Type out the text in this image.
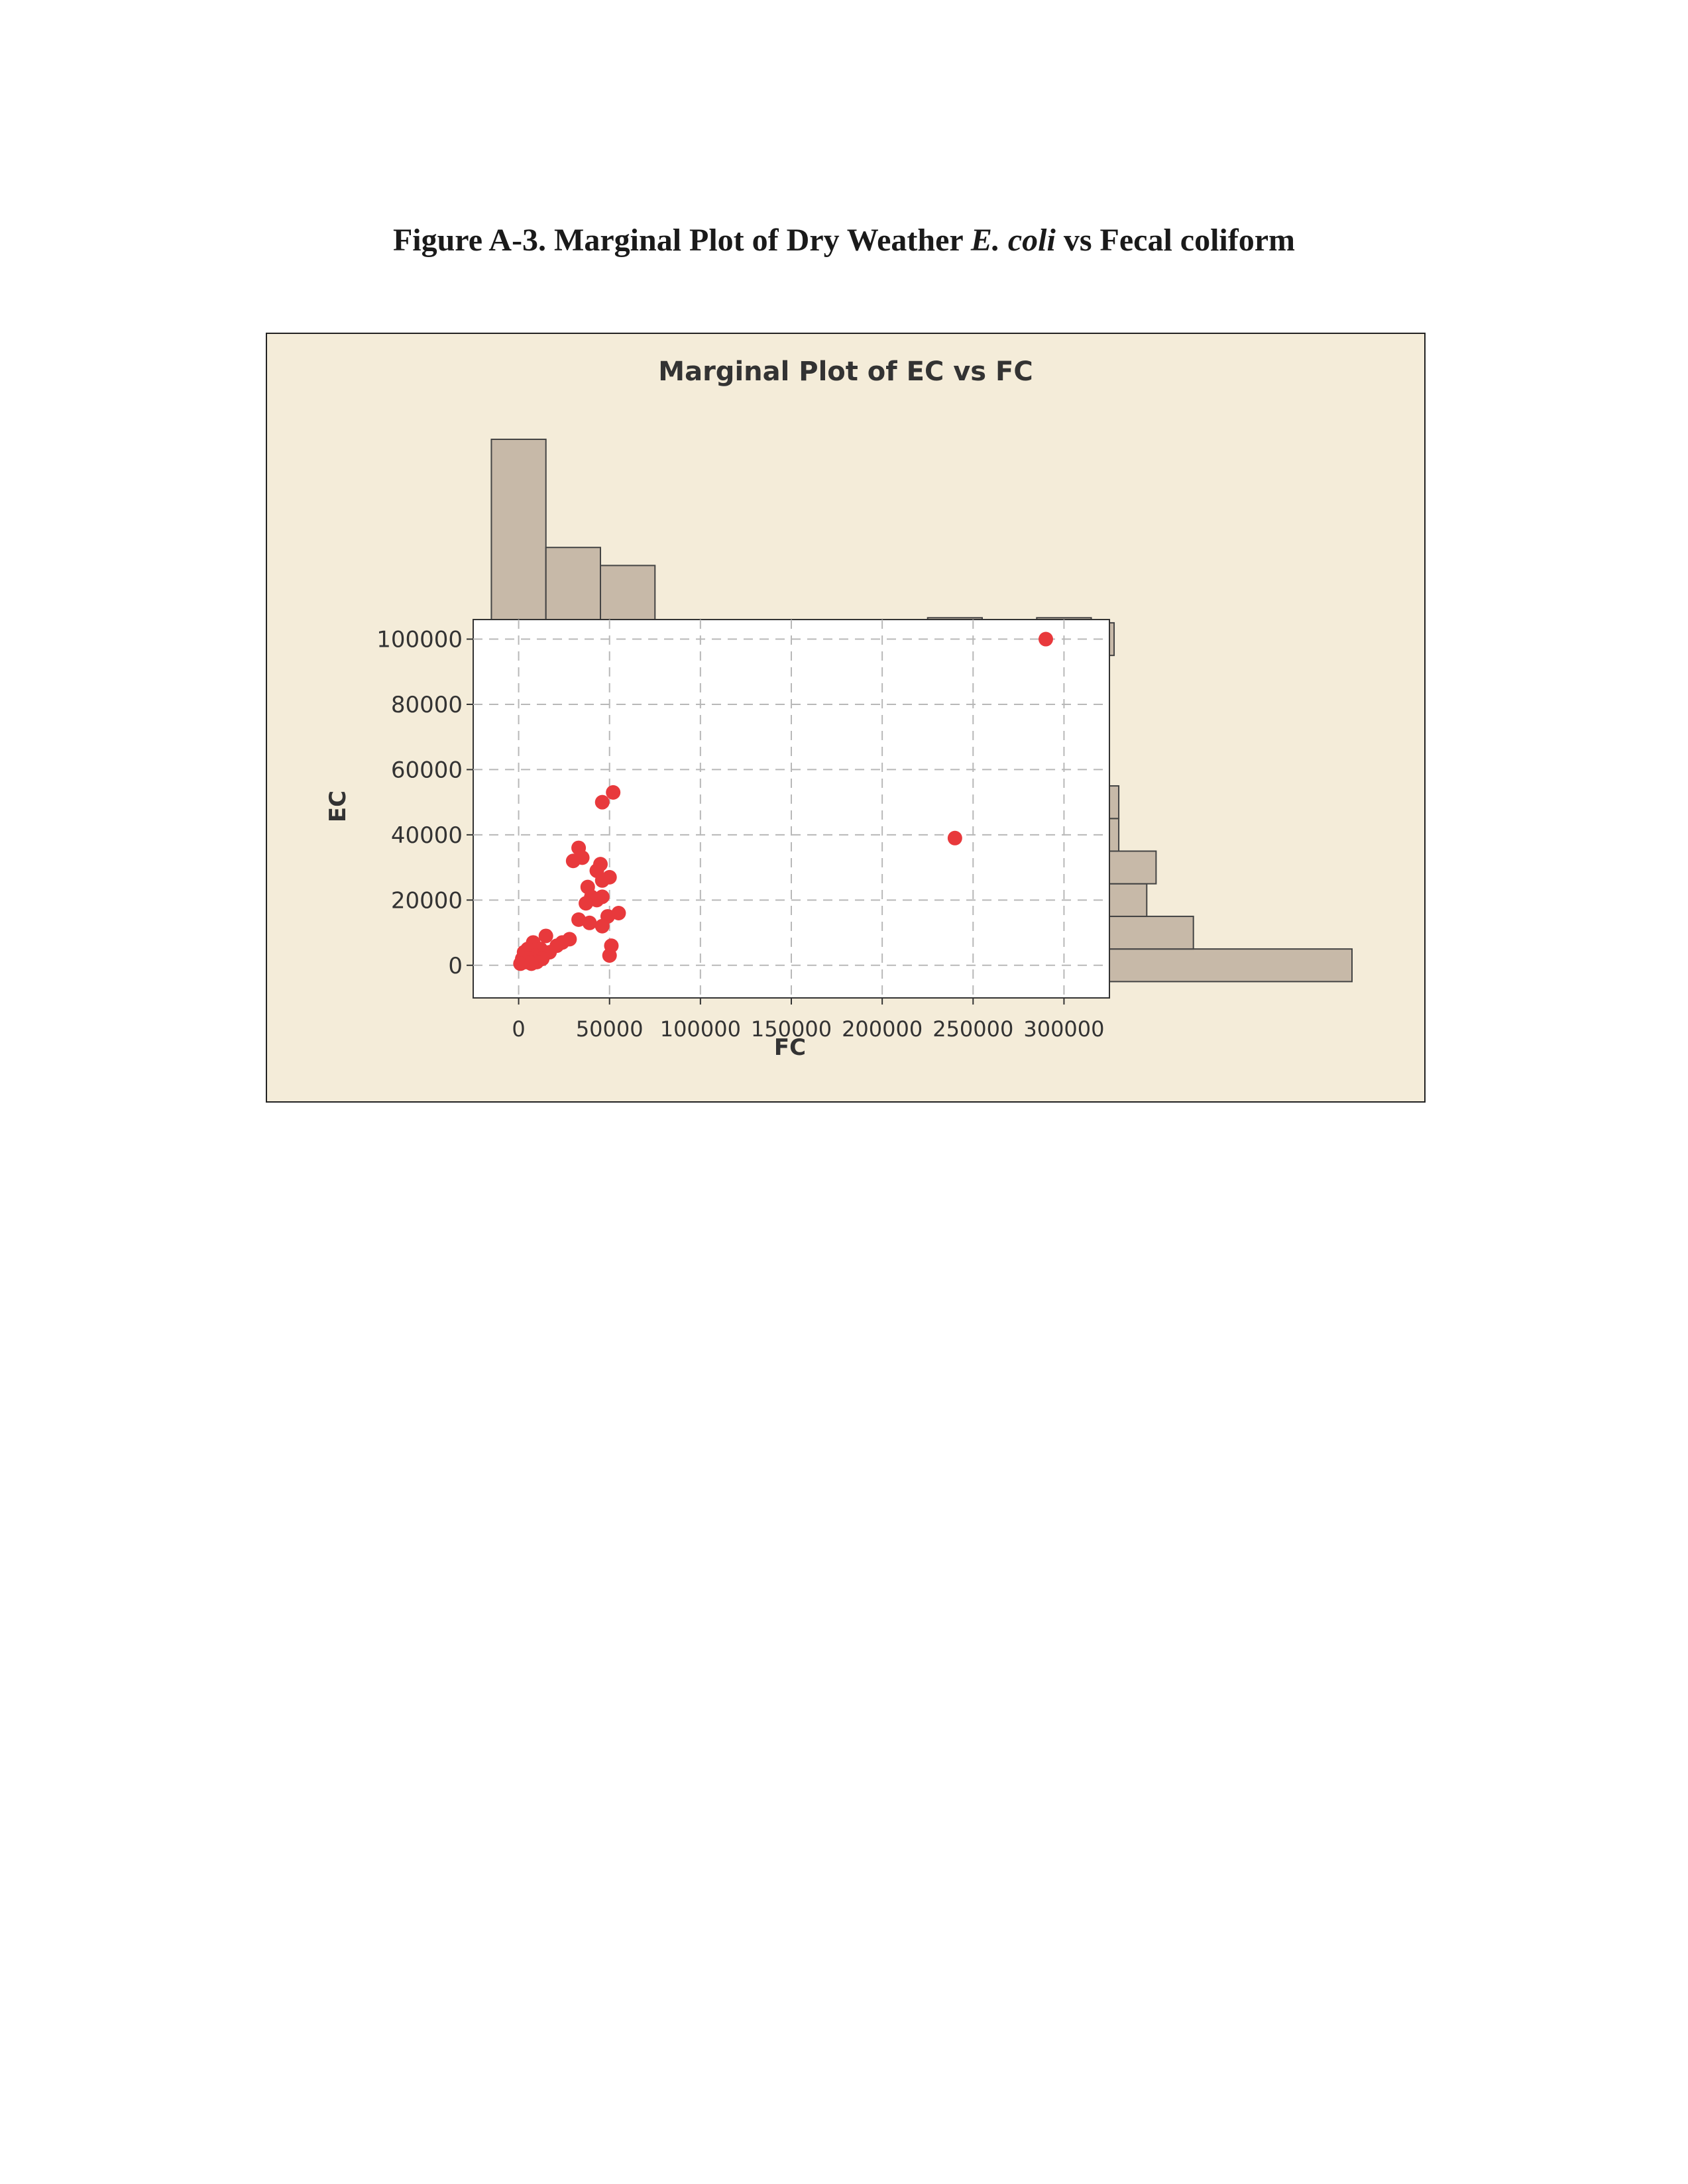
Figure A-3. Marginal Plot of Dry Weather E. coli vs Fecal coliform
Marginal Plot of EC vs FC
0 50000 100000 150000 200000 250000 300000
0
20000
40000
60000
80000
100000
FC
EC
